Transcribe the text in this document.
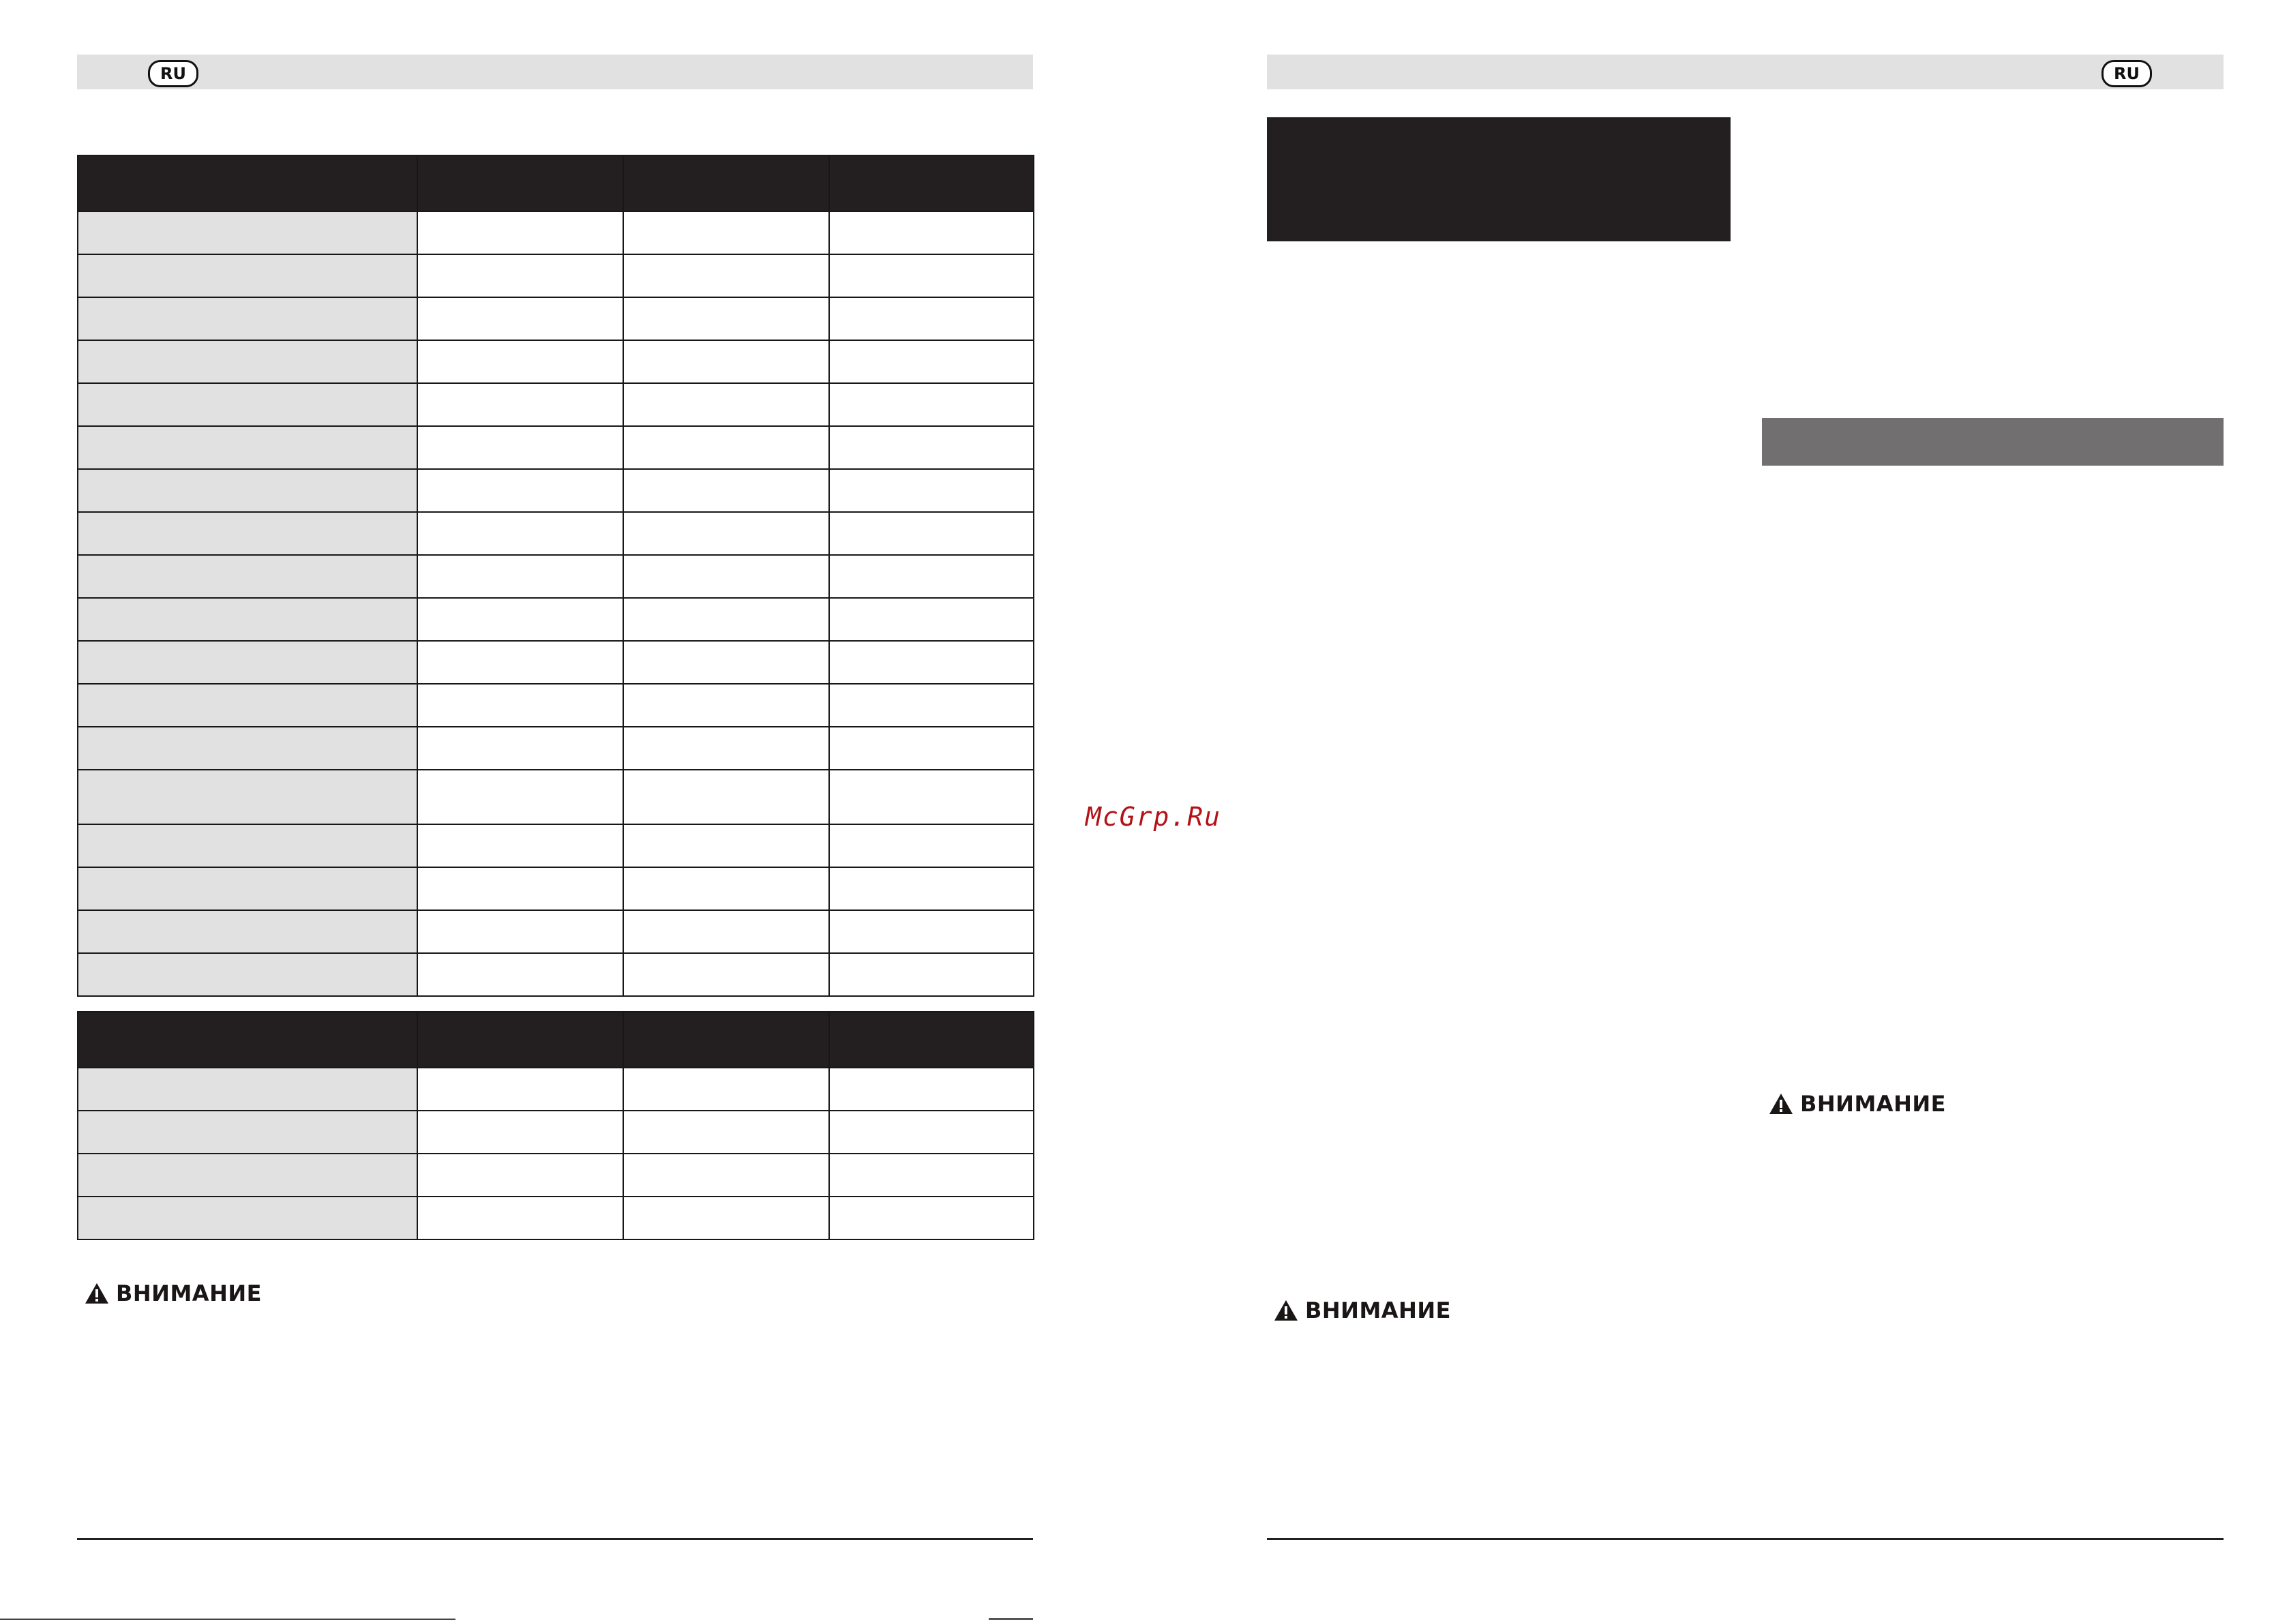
RU

ВНИМАНИЕ
McGrp.Ru
RU
ВНИМАНИЕ
ВНИМАНИЕ
